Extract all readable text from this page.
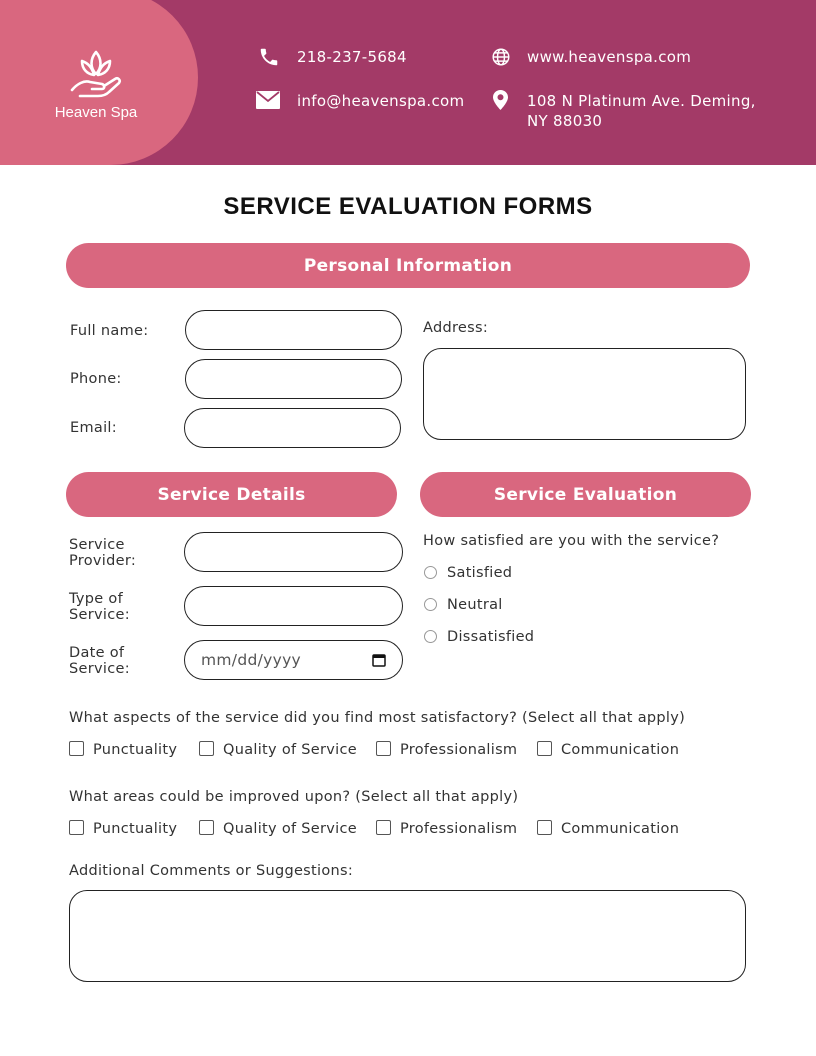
Heaven Spa
218-237-5684	www.heavenspa.com
info@heavenspa.com	108 N Platinum Ave. Deming,
NY 88030
SERVICE EVALUATION FORMS
Personal Information
Full name:
Phone:
Email:
Address:
Service Details
Service
Provider:
Type of
Service:
Date of
Service:	mm/dd/yyyy
Service Evaluation
How satisfied are you with the service?
Satisfied
Neutral
Dissatisfied
What aspects of the service did you find most satisfactory? (Select all that apply)
Punctuality	Quality of Service	Professionalism	Communication
What areas could be improved upon? (Select all that apply)
Punctuality	Quality of Service	Professionalism	Communication
Additional Comments or Suggestions:
